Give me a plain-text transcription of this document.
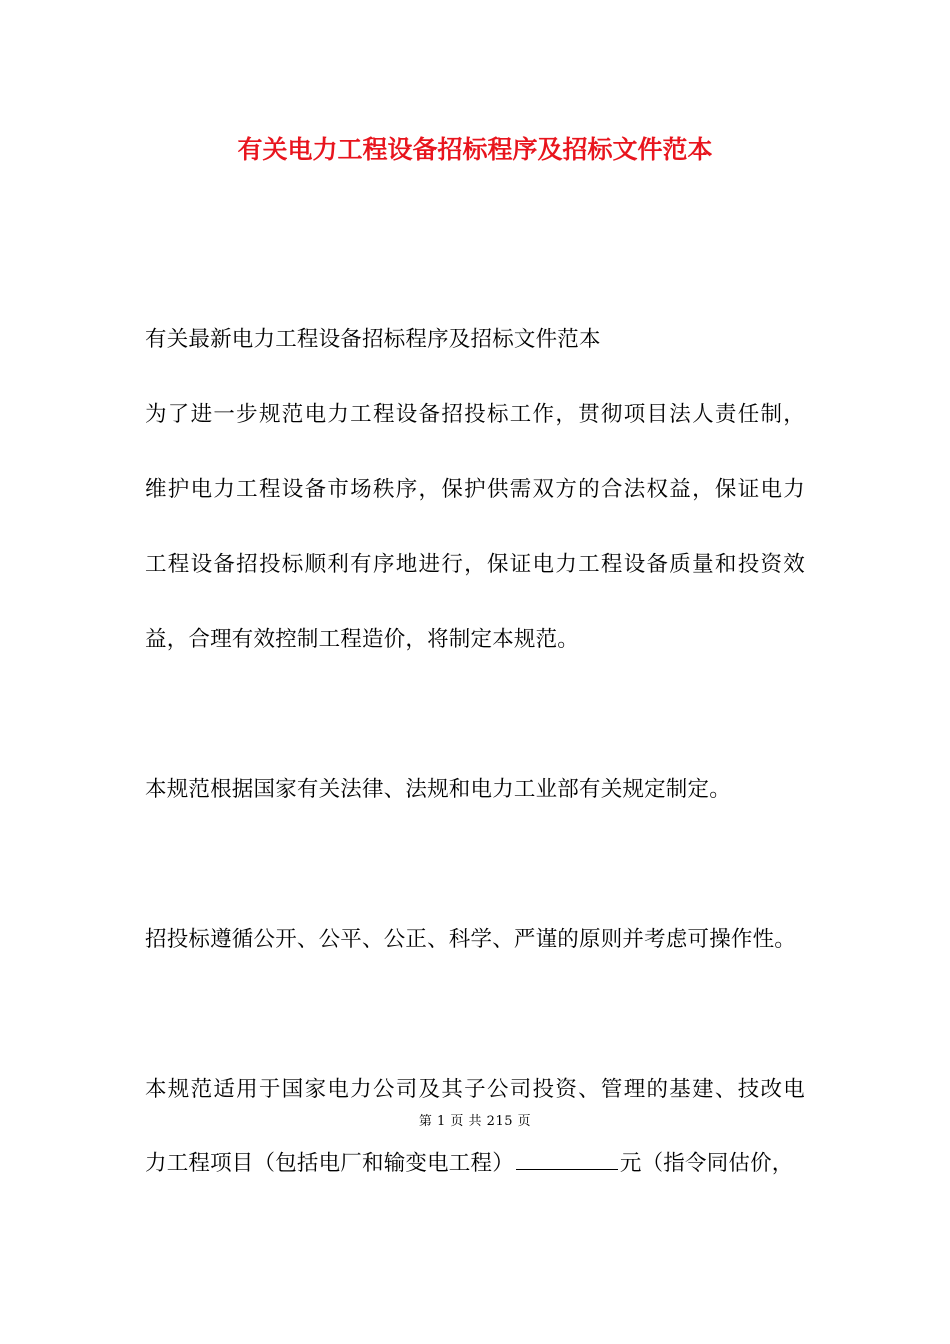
有关电力工程设备招标程序及招标文件范本
有关最新电力工程设备招标程序及招标文件范本
为了进一步规范电力工程设备招投标工作，贯彻项目法人责任制，
维护电力工程设备市场秩序，保护供需双方的合法权益，保证电力
工程设备招投标顺利有序地进行，保证电力工程设备质量和投资效
益，合理有效控制工程造价，将制定本规范。
本规范根据国家有关法律、法规和电力工业部有关规定制定。
招投标遵循公开、公平、公正、科学、严谨的原则并考虑可操作性。
本规范适用于国家电力公司及其子公司投资、管理的基建、技改电
第 1 页 共 215 页
力工程项目（包括电厂和输变电工程）	元（指令同估价，
